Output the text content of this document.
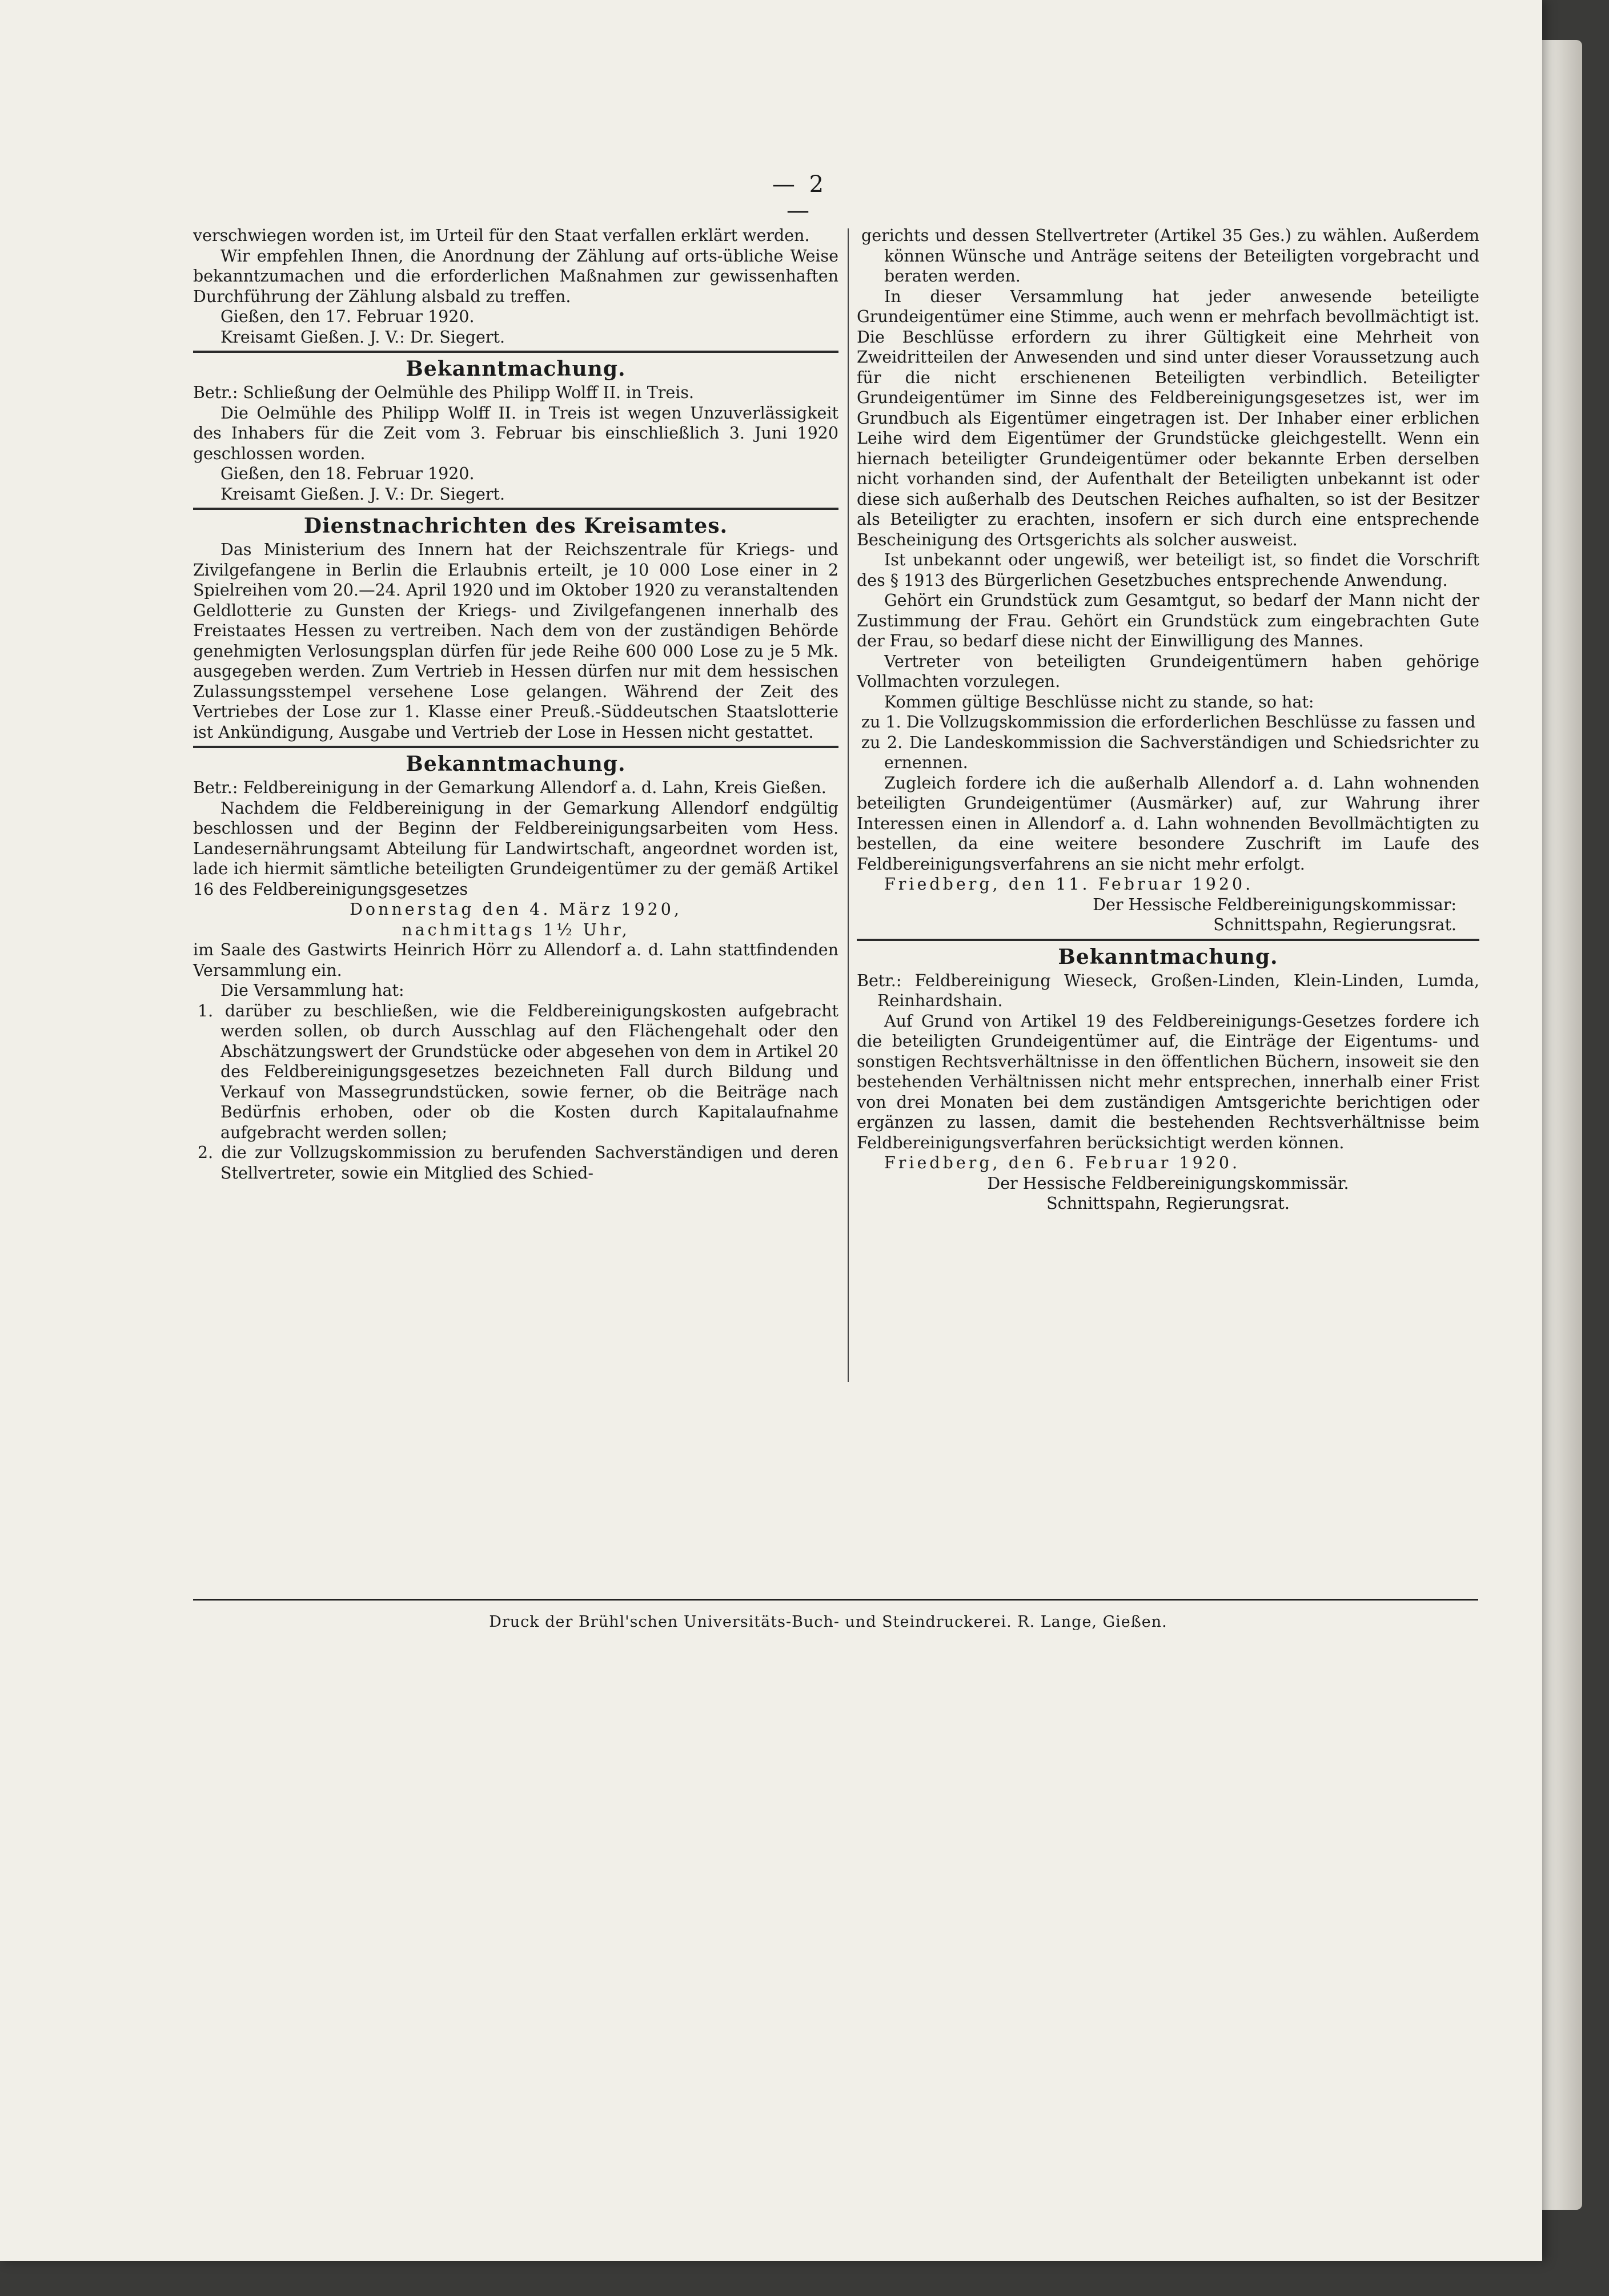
— 2 —

verschwiegen worden ist, im Urteil für den Staat verfallen erklärt werden.

Wir empfehlen Ihnen, die Anordnung der Zählung auf orts-übliche Weise bekanntzumachen und die erforderlichen Maßnahmen zur gewissenhaften Durchführung der Zählung alsbald zu treffen.

Gießen, den 17. Februar 1920.

Kreisamt Gießen. J. V.: Dr. Siegert.

Bekanntmachung.

Betr.: Schließung der Oelmühle des Philipp Wolff II. in Treis.

Die Oelmühle des Philipp Wolff II. in Treis ist wegen Unzuverlässigkeit des Inhabers für die Zeit vom 3. Februar bis einschließlich 3. Juni 1920 geschlossen worden.

Gießen, den 18. Februar 1920.

Kreisamt Gießen. J. V.: Dr. Siegert.

Dienstnachrichten des Kreisamtes.

Das Ministerium des Innern hat der Reichszentrale für Kriegs- und Zivilgefangene in Berlin die Erlaubnis erteilt, je 10 000 Lose einer in 2 Spielreihen vom 20.—24. April 1920 und im Oktober 1920 zu veranstaltenden Geldlotterie zu Gunsten der Kriegs- und Zivilgefangenen innerhalb des Freistaates Hessen zu vertreiben. Nach dem von der zuständigen Behörde genehmigten Verlosungsplan dürfen für jede Reihe 600 000 Lose zu je 5 Mk. ausgegeben werden. Zum Vertrieb in Hessen dürfen nur mit dem hessischen Zulassungsstempel versehene Lose gelangen. Während der Zeit des Vertriebes der Lose zur 1. Klasse einer Preuß.-Süddeutschen Staatslotterie ist Ankündigung, Ausgabe und Vertrieb der Lose in Hessen nicht gestattet.

Bekanntmachung.

Betr.: Feldbereinigung in der Gemarkung Allendorf a. d. Lahn, Kreis Gießen.

Nachdem die Feldbereinigung in der Gemarkung Allendorf endgültig beschlossen und der Beginn der Feldbereinigungsarbeiten vom Hess. Landesernährungsamt Abteilung für Landwirtschaft, angeordnet worden ist, lade ich hiermit sämtliche beteiligten Grundeigentümer zu der gemäß Artikel 16 des Feldbereinigungsgesetzes

Donnerstag den 4. März 1920,

nachmittags 1½ Uhr,

im Saale des Gastwirts Heinrich Hörr zu Allendorf a. d. Lahn stattfindenden Versammlung ein.

Die Versammlung hat:

1. darüber zu beschließen, wie die Feldbereinigungskosten aufgebracht werden sollen, ob durch Ausschlag auf den Flächengehalt oder den Abschätzungswert der Grundstücke oder abgesehen von dem in Artikel 20 des Feldbereinigungsgesetzes bezeichneten Fall durch Bildung und Verkauf von Massegrundstücken, sowie ferner, ob die Beiträge nach Bedürfnis erhoben, oder ob die Kosten durch Kapitalaufnahme aufgebracht werden sollen;

2. die zur Vollzugskommission zu berufenden Sachverständigen und deren Stellvertreter, sowie ein Mitglied des Schied-

gerichts und dessen Stellvertreter (Artikel 35 Ges.) zu wählen. Außerdem können Wünsche und Anträge seitens der Beteiligten vorgebracht und beraten werden.

In dieser Versammlung hat jeder anwesende beteiligte Grundeigentümer eine Stimme, auch wenn er mehrfach bevollmächtigt ist. Die Beschlüsse erfordern zu ihrer Gültigkeit eine Mehrheit von Zweidritteilen der Anwesenden und sind unter dieser Voraussetzung auch für die nicht erschienenen Beteiligten verbindlich. Beteiligter Grundeigentümer im Sinne des Feldbereinigungsgesetzes ist, wer im Grundbuch als Eigentümer eingetragen ist. Der Inhaber einer erblichen Leihe wird dem Eigentümer der Grundstücke gleichgestellt. Wenn ein hiernach beteiligter Grundeigentümer oder bekannte Erben derselben nicht vorhanden sind, der Aufenthalt der Beteiligten unbekannt ist oder diese sich außerhalb des Deutschen Reiches aufhalten, so ist der Besitzer als Beteiligter zu erachten, insofern er sich durch eine entsprechende Bescheinigung des Ortsgerichts als solcher ausweist.

Ist unbekannt oder ungewiß, wer beteiligt ist, so findet die Vorschrift des § 1913 des Bürgerlichen Gesetzbuches entsprechende Anwendung.

Gehört ein Grundstück zum Gesamtgut, so bedarf der Mann nicht der Zustimmung der Frau. Gehört ein Grundstück zum eingebrachten Gute der Frau, so bedarf diese nicht der Einwilligung des Mannes.

Vertreter von beteiligten Grundeigentümern haben gehörige Vollmachten vorzulegen.

Kommen gültige Beschlüsse nicht zu stande, so hat:

zu 1. Die Vollzugskommission die erforderlichen Beschlüsse zu fassen und

zu 2. Die Landeskommission die Sachverständigen und Schiedsrichter zu ernennen.

Zugleich fordere ich die außerhalb Allendorf a. d. Lahn wohnenden beteiligten Grundeigentümer (Ausmärker) auf, zur Wahrung ihrer Interessen einen in Allendorf a. d. Lahn wohnenden Bevollmächtigten zu bestellen, da eine weitere besondere Zuschrift im Laufe des Feldbereinigungsverfahrens an sie nicht mehr erfolgt.

Friedberg, den 11. Februar 1920.

Der Hessische Feldbereinigungskommissar:

Schnittspahn, Regierungsrat.

Bekanntmachung.

Betr.: Feldbereinigung Wieseck, Großen-Linden, Klein-Linden, Lumda, Reinhardshain.

Auf Grund von Artikel 19 des Feldbereinigungs-Gesetzes fordere ich die beteiligten Grundeigentümer auf, die Einträge der Eigentums- und sonstigen Rechtsverhältnisse in den öffentlichen Büchern, insoweit sie den bestehenden Verhältnissen nicht mehr entsprechen, innerhalb einer Frist von drei Monaten bei dem zuständigen Amtsgerichte berichtigen oder ergänzen zu lassen, damit die bestehenden Rechtsverhältnisse beim Feldbereinigungsverfahren berücksichtigt werden können.

Friedberg, den 6. Februar 1920.

Der Hessische Feldbereinigungskommissär.

Schnittspahn, Regierungsrat.

Druck der Brühl'schen Universitäts-Buch- und Steindruckerei. R. Lange, Gießen.
